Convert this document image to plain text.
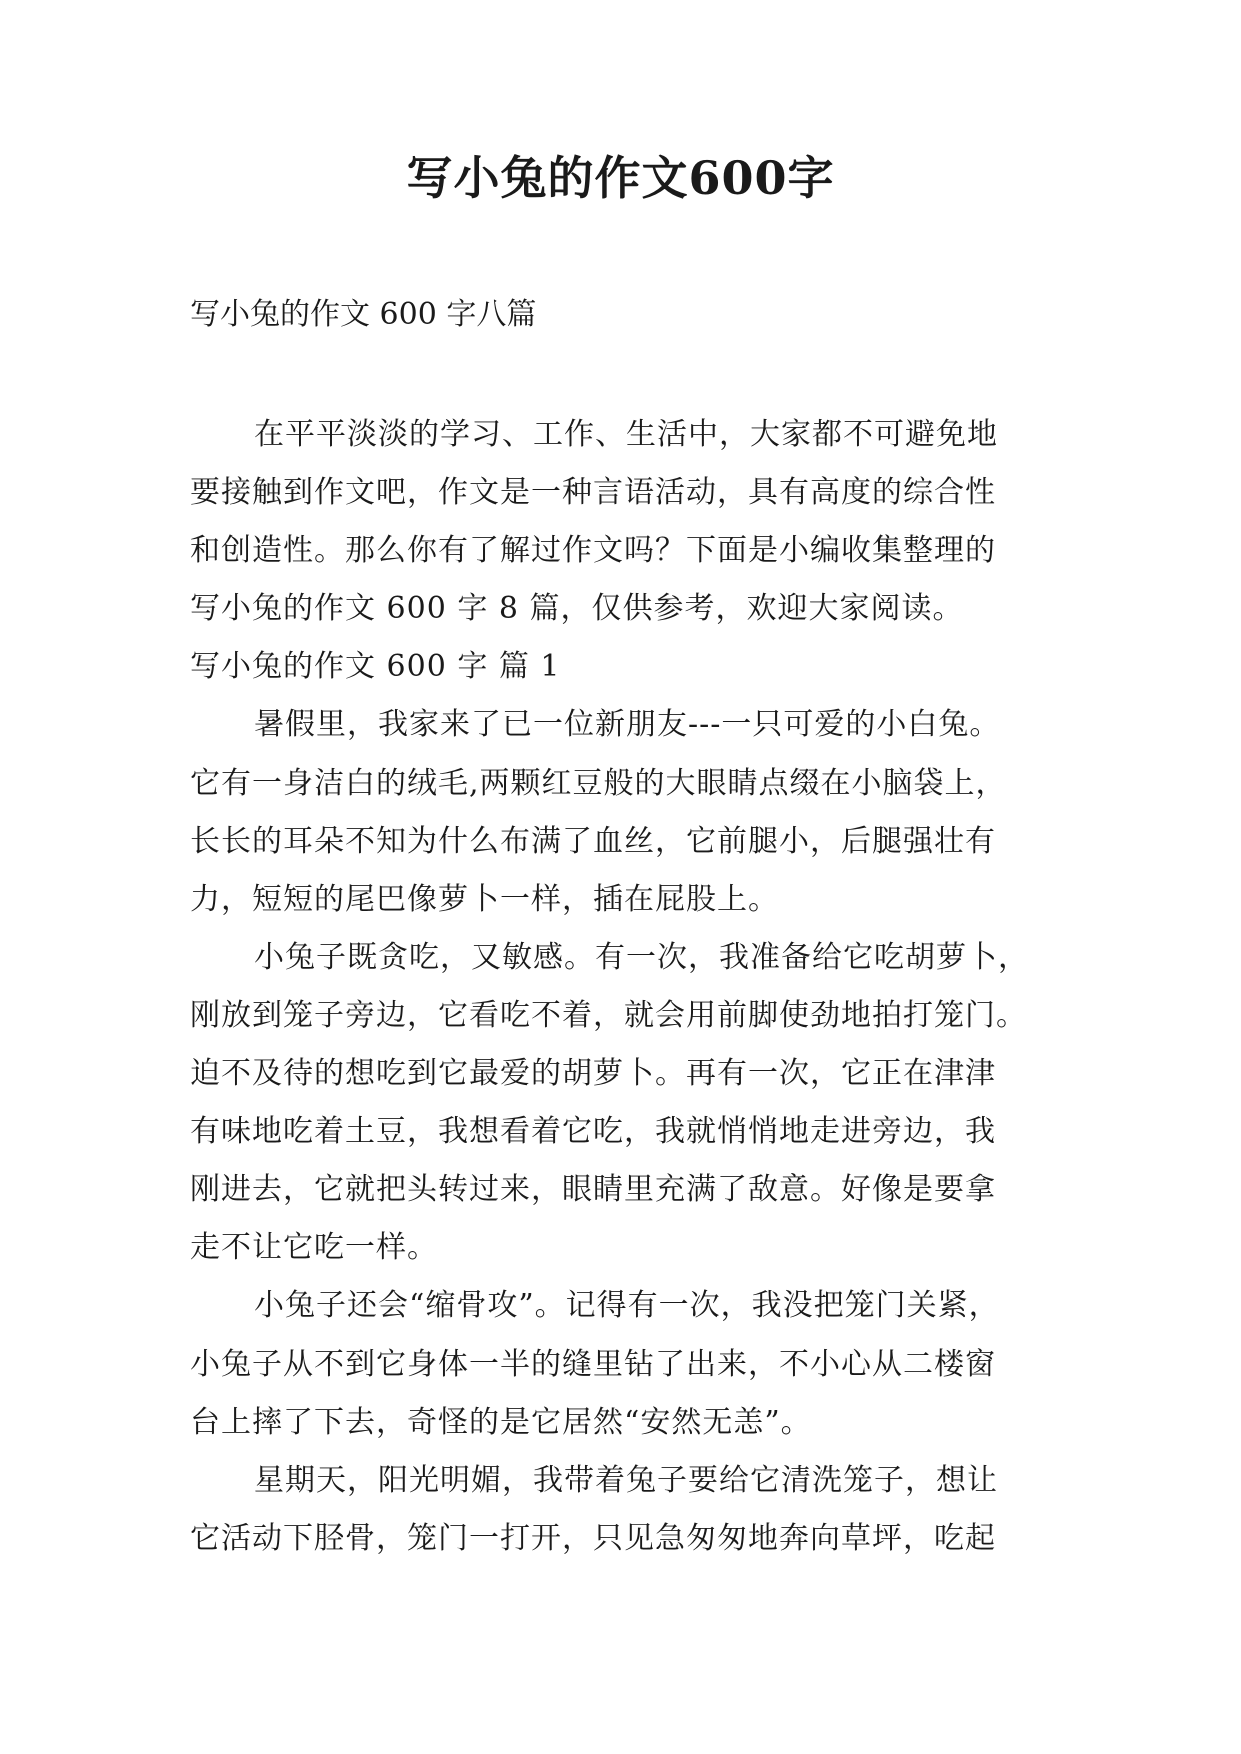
写小兔的作文600字
写小兔的作文 600 字八篇
在平平淡淡的学习、工作、生活中，大家都不可避免地
要接触到作文吧，作文是一种言语活动，具有高度的综合性
和创造性。那么你有了解过作文吗？下面是小编收集整理的
写小兔的作文 600 字 8 篇，仅供参考，欢迎大家阅读。
写小兔的作文 600 字 篇 1
暑假里，我家来了已一位新朋友---一只可爱的小白兔。
它有一身洁白的绒毛,两颗红豆般的大眼睛点缀在小脑袋上，
长长的耳朵不知为什么布满了血丝，它前腿小，后腿强壮有
力，短短的尾巴像萝卜一样，插在屁股上。
小兔子既贪吃，又敏感。有一次，我准备给它吃胡萝卜，
刚放到笼子旁边，它看吃不着，就会用前脚使劲地拍打笼门。
迫不及待的想吃到它最爱的胡萝卜。再有一次，它正在津津
有味地吃着土豆，我想看着它吃，我就悄悄地走进旁边，我
刚进去，它就把头转过来，眼睛里充满了敌意。好像是要拿
走不让它吃一样。
小兔子还会“缩骨攻”。记得有一次，我没把笼门关紧，
小兔子从不到它身体一半的缝里钻了出来，不小心从二楼窗
台上摔了下去，奇怪的是它居然“安然无恙”。
星期天，阳光明媚，我带着兔子要给它清洗笼子，想让
它活动下胫骨，笼门一打开，只见急匆匆地奔向草坪，吃起
